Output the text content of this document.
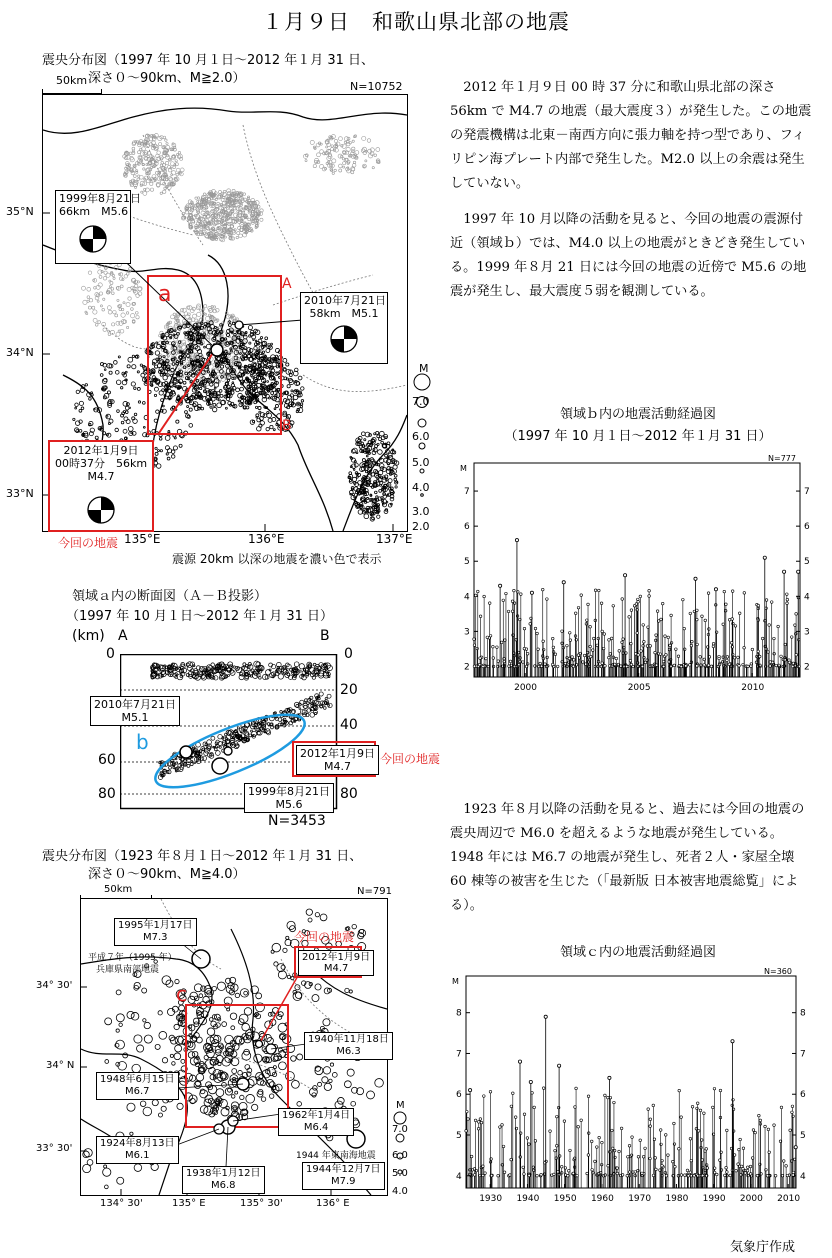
１月９日　和歌山県北部の地震
震央分布図（1997 年 10 月１日～2012 年１月 31 日、
深さ０～90km、M≧2.0）
50km	N=10752
35°N
34°N
33°N
135°E	136°E	137°E
a	A
B
1999年8月21日
66km　M5.6
2010年7月21日
58km　M5.1
2012年1月9日
00時37分　56km
M4.7
今回の地震
震源 20km 以深の地震を濃い色で表示
M
7.0
6.0
5.0
4.0
3.0
2.0
2012 年１月９日 00 時 37 分に和歌山県北部の深さ 56km で M4.7 の地震（最大震度３）が発生した。この地震の発震機構は北東－南西方向に張力軸を持つ型であり、フィリピン海プレート内部で発生した。M2.0 以上の余震は発生していない。
1997 年 10 月以降の活動を見ると、今回の地震の震源付近（領域ｂ）では、M4.0 以上の地震がときどき発生している。1999 年８月 21 日には今回の地震の近傍で M5.6 の地震が発生し、最大震度５弱を観測している。
領域ｂ内の地震活動経過図
（1997 年 10 月１日～2012 年１月 31 日）
M
N=777
2	2
3	3
4	4
5	5
6	6
7	7
2000	2005	2010
領域ａ内の断面図（Ａ－Ｂ投影）
（1997 年 10 月１日～2012 年１月 31 日）
(km) A	B
0	0
20
40
60
80	80
b
2010年7月21日
M5.1
2012年1月9日
M4.7
今回の地震
1999年8月21日
M5.6
N=3453
震央分布図（1923 年８月１日～2012 年１月 31 日、
深さ０～90km、M≧4.0）
50km	N=791
34° 30'
34° N
33° 30'
134° 30'	135° E	135° 30'	136° E
c
今回の地震
1995年1月17日
M7.3
平成７年（1995 年）
兵庫県南部地震
2012年1月9日
M4.7
1940年11月18日
M6.3
1948年6月15日
M6.7
1962年1月4日
M6.4
1924年8月13日
M6.1	1944 年東南海地震
1938年1月12日
M6.8
1944年12月7日
M7.9
M
7.0
6.0
5.0
4.0
1923 年８月以降の活動を見ると、過去には今回の地震の震央周辺で M6.0 を超えるような地震が発生している。1948 年には M6.7 の地震が発生し、死者２人・家屋全壊 60 棟等の被害を生じた（「最新版 日本被害地震総覧」による）。
領域ｃ内の地震活動経過図
M
N=360
4	4
5	5
6	6
7	7
8	8
1930 1940 1950 1960 1970 1980 1990 2000 2010
気象庁作成
